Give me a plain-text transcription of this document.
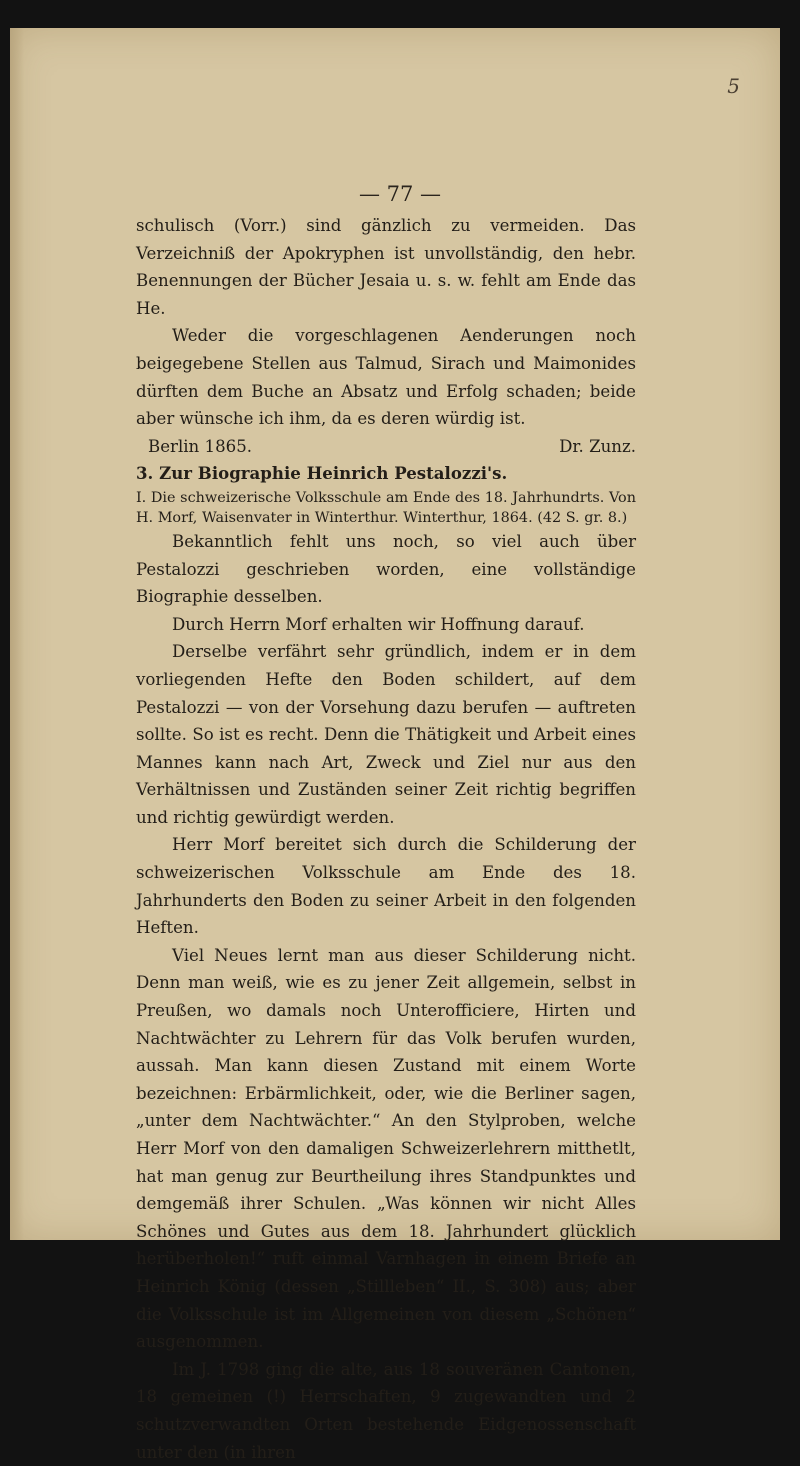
5
— 77 —

schulisch (Vorr.) sind gänzlich zu vermeiden. Das Verzeichniß der Apokryphen ist unvollständig, den hebr. Benennungen der Bücher Jesaia u. s. w. fehlt am Ende das He.

Weder die vorgeschlagenen Aenderungen noch beigegebene Stellen aus Talmud, Sirach und Maimonides dürften dem Buche an Absatz und Erfolg schaden; beide aber wünsche ich ihm, da es deren würdig ist.

Berlin 1865.	Dr. Zunz.

3. Zur Biographie Heinrich Pestalozzi's.

I. Die schweizerische Volksschule am Ende des 18. Jahrhundrts. Von H. Morf, Waisenvater in Winterthur. Winterthur, 1864. (42 S. gr. 8.)

Bekanntlich fehlt uns noch, so viel auch über Pestalozzi geschrieben worden, eine vollständige Biographie desselben.

Durch Herrn Morf erhalten wir Hoffnung darauf.

Derselbe verfährt sehr gründlich, indem er in dem vorliegenden Hefte den Boden schildert, auf dem Pestalozzi — von der Vorsehung dazu berufen — auftreten sollte. So ist es recht. Denn die Thätigkeit und Arbeit eines Mannes kann nach Art, Zweck und Ziel nur aus den Verhältnissen und Zuständen seiner Zeit richtig begriffen und richtig gewürdigt werden.

Herr Morf bereitet sich durch die Schilderung der schweizerischen Volksschule am Ende des 18. Jahrhunderts den Boden zu seiner Arbeit in den folgenden Heften.

Viel Neues lernt man aus dieser Schilderung nicht. Denn man weiß, wie es zu jener Zeit allgemein, selbst in Preußen, wo damals noch Unterofficiere, Hirten und Nachtwächter zu Lehrern für das Volk berufen wurden, aussah. Man kann diesen Zustand mit einem Worte bezeichnen: Erbärmlichkeit, oder, wie die Berliner sagen, „unter dem Nachtwächter.“ An den Stylproben, welche Herr Morf von den damaligen Schweizerlehrern mitthetlt, hat man genug zur Beurtheilung ihres Standpunktes und demgemäß ihrer Schulen. „Was können wir nicht Alles Schönes und Gutes aus dem 18. Jahrhundert glücklich herüberholen!“ ruft einmal Varnhagen in einem Briefe an Heinrich König (dessen „Stillleben“ II., S. 308) aus; aber die Volksschule ist im Allgemeinen von diesem „Schönen“ ausgenommen.

Im J. 1798 ging die alte, aus 18 souveränen Cantonen, 18 gemeinen (!) Herrschaften, 9 zugewandten und 2 schutzverwandten Orten bestehende Eidgenossenschaft unter den (in ihren
